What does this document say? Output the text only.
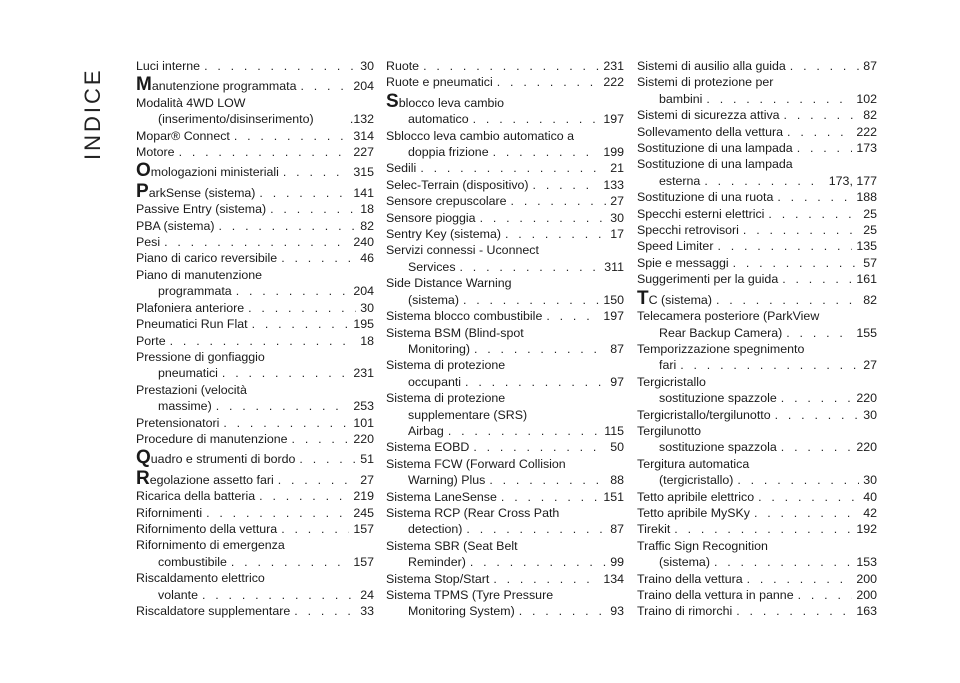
INDICE
Luci interne . . .	30
Manutenzione programmata . . .	204
Modalità 4WD LOW
(inserimento/disinserimento)	.132
Mopar® Connect . . .	314
Motore . . .	227
Omologazioni ministeriali . . .	315
ParkSense (sistema) . . .	141
Passive Entry (sistema) . . .	18
PBA (sistema) . . .	82
Pesi . . .	240
Piano di carico reversibile . . .	46
Piano di manutenzione
programmata . . .	204
Plafoniera anteriore . . .	30
Pneumatici Run Flat . . .	195
Porte . . .	18
Pressione di gonfiaggio
pneumatici . . .	231
Prestazioni (velocità
massime) . . .	253
Pretensionatori . . .	101
Procedure di manutenzione . . .	220
Quadro e strumenti di bordo . . .	51
Regolazione assetto fari . . .	27
Ricarica della batteria . . .	219
Rifornimenti . . .	245
Rifornimento della vettura . . .	157
Rifornimento di emergenza
combustibile . . .	157
Riscaldamento elettrico
volante . . .	24
Riscaldatore supplementare . . .	33
Ruote . . .	231
Ruote e pneumatici . . .	222
Sblocco leva cambio
automatico . . .	197
Sblocco leva cambio automatico a
doppia frizione . . .	199
Sedili . . .	21
Selec-Terrain (dispositivo) . . .	133
Sensore crepuscolare . . .	27
Sensore pioggia . . .	30
Sentry Key (sistema) . . .	17
Servizi connessi - Uconnect
Services . . .	311
Side Distance Warning
(sistema) . . .	150
Sistema blocco combustibile . . .	197
Sistema BSM (Blind-spot
Monitoring) . . .	87
Sistema di protezione
occupanti . . .	97
Sistema di protezione
supplementare (SRS)
Airbag . . .	115
Sistema EOBD . . .	50
Sistema FCW (Forward Collision
Warning) Plus . . .	88
Sistema LaneSense . . .	151
Sistema RCP (Rear Cross Path
detection) . . .	87
Sistema SBR (Seat Belt
Reminder) . . .	99
Sistema Stop/Start . . .	134
Sistema TPMS (Tyre Pressure
Monitoring System) . . .	93
Sistemi di ausilio alla guida . . .	87
Sistemi di protezione per
bambini . . .	102
Sistemi di sicurezza attiva . . .	82
Sollevamento della vettura . . .	222
Sostituzione di una lampada . . .	173
Sostituzione di una lampada
esterna . . .	173, 177
Sostituzione di una ruota . . .	188
Specchi esterni elettrici . . .	25
Specchi retrovisori . . .	25
Speed Limiter . . .	135
Spie e messaggi . . .	57
Suggerimenti per la guida . . .	161
TC (sistema) . . .	82
Telecamera posteriore (ParkView
Rear Backup Camera) . . .	155
Temporizzazione spegnimento
fari . . .	27
Tergicristallo
sostituzione spazzole . . .	220
Tergicristallo/tergilunotto . . .	30
Tergilunotto
sostituzione spazzola . . .	220
Tergitura automatica
(tergicristallo) . . .	30
Tetto apribile elettrico . . .	40
Tetto apribile MySKy . . .	42
Tirekit . . .	192
Traffic Sign Recognition
(sistema) . . .	153
Traino della vettura . . .	200
Traino della vettura in panne . . .	200
Traino di rimorchi . . .	163
